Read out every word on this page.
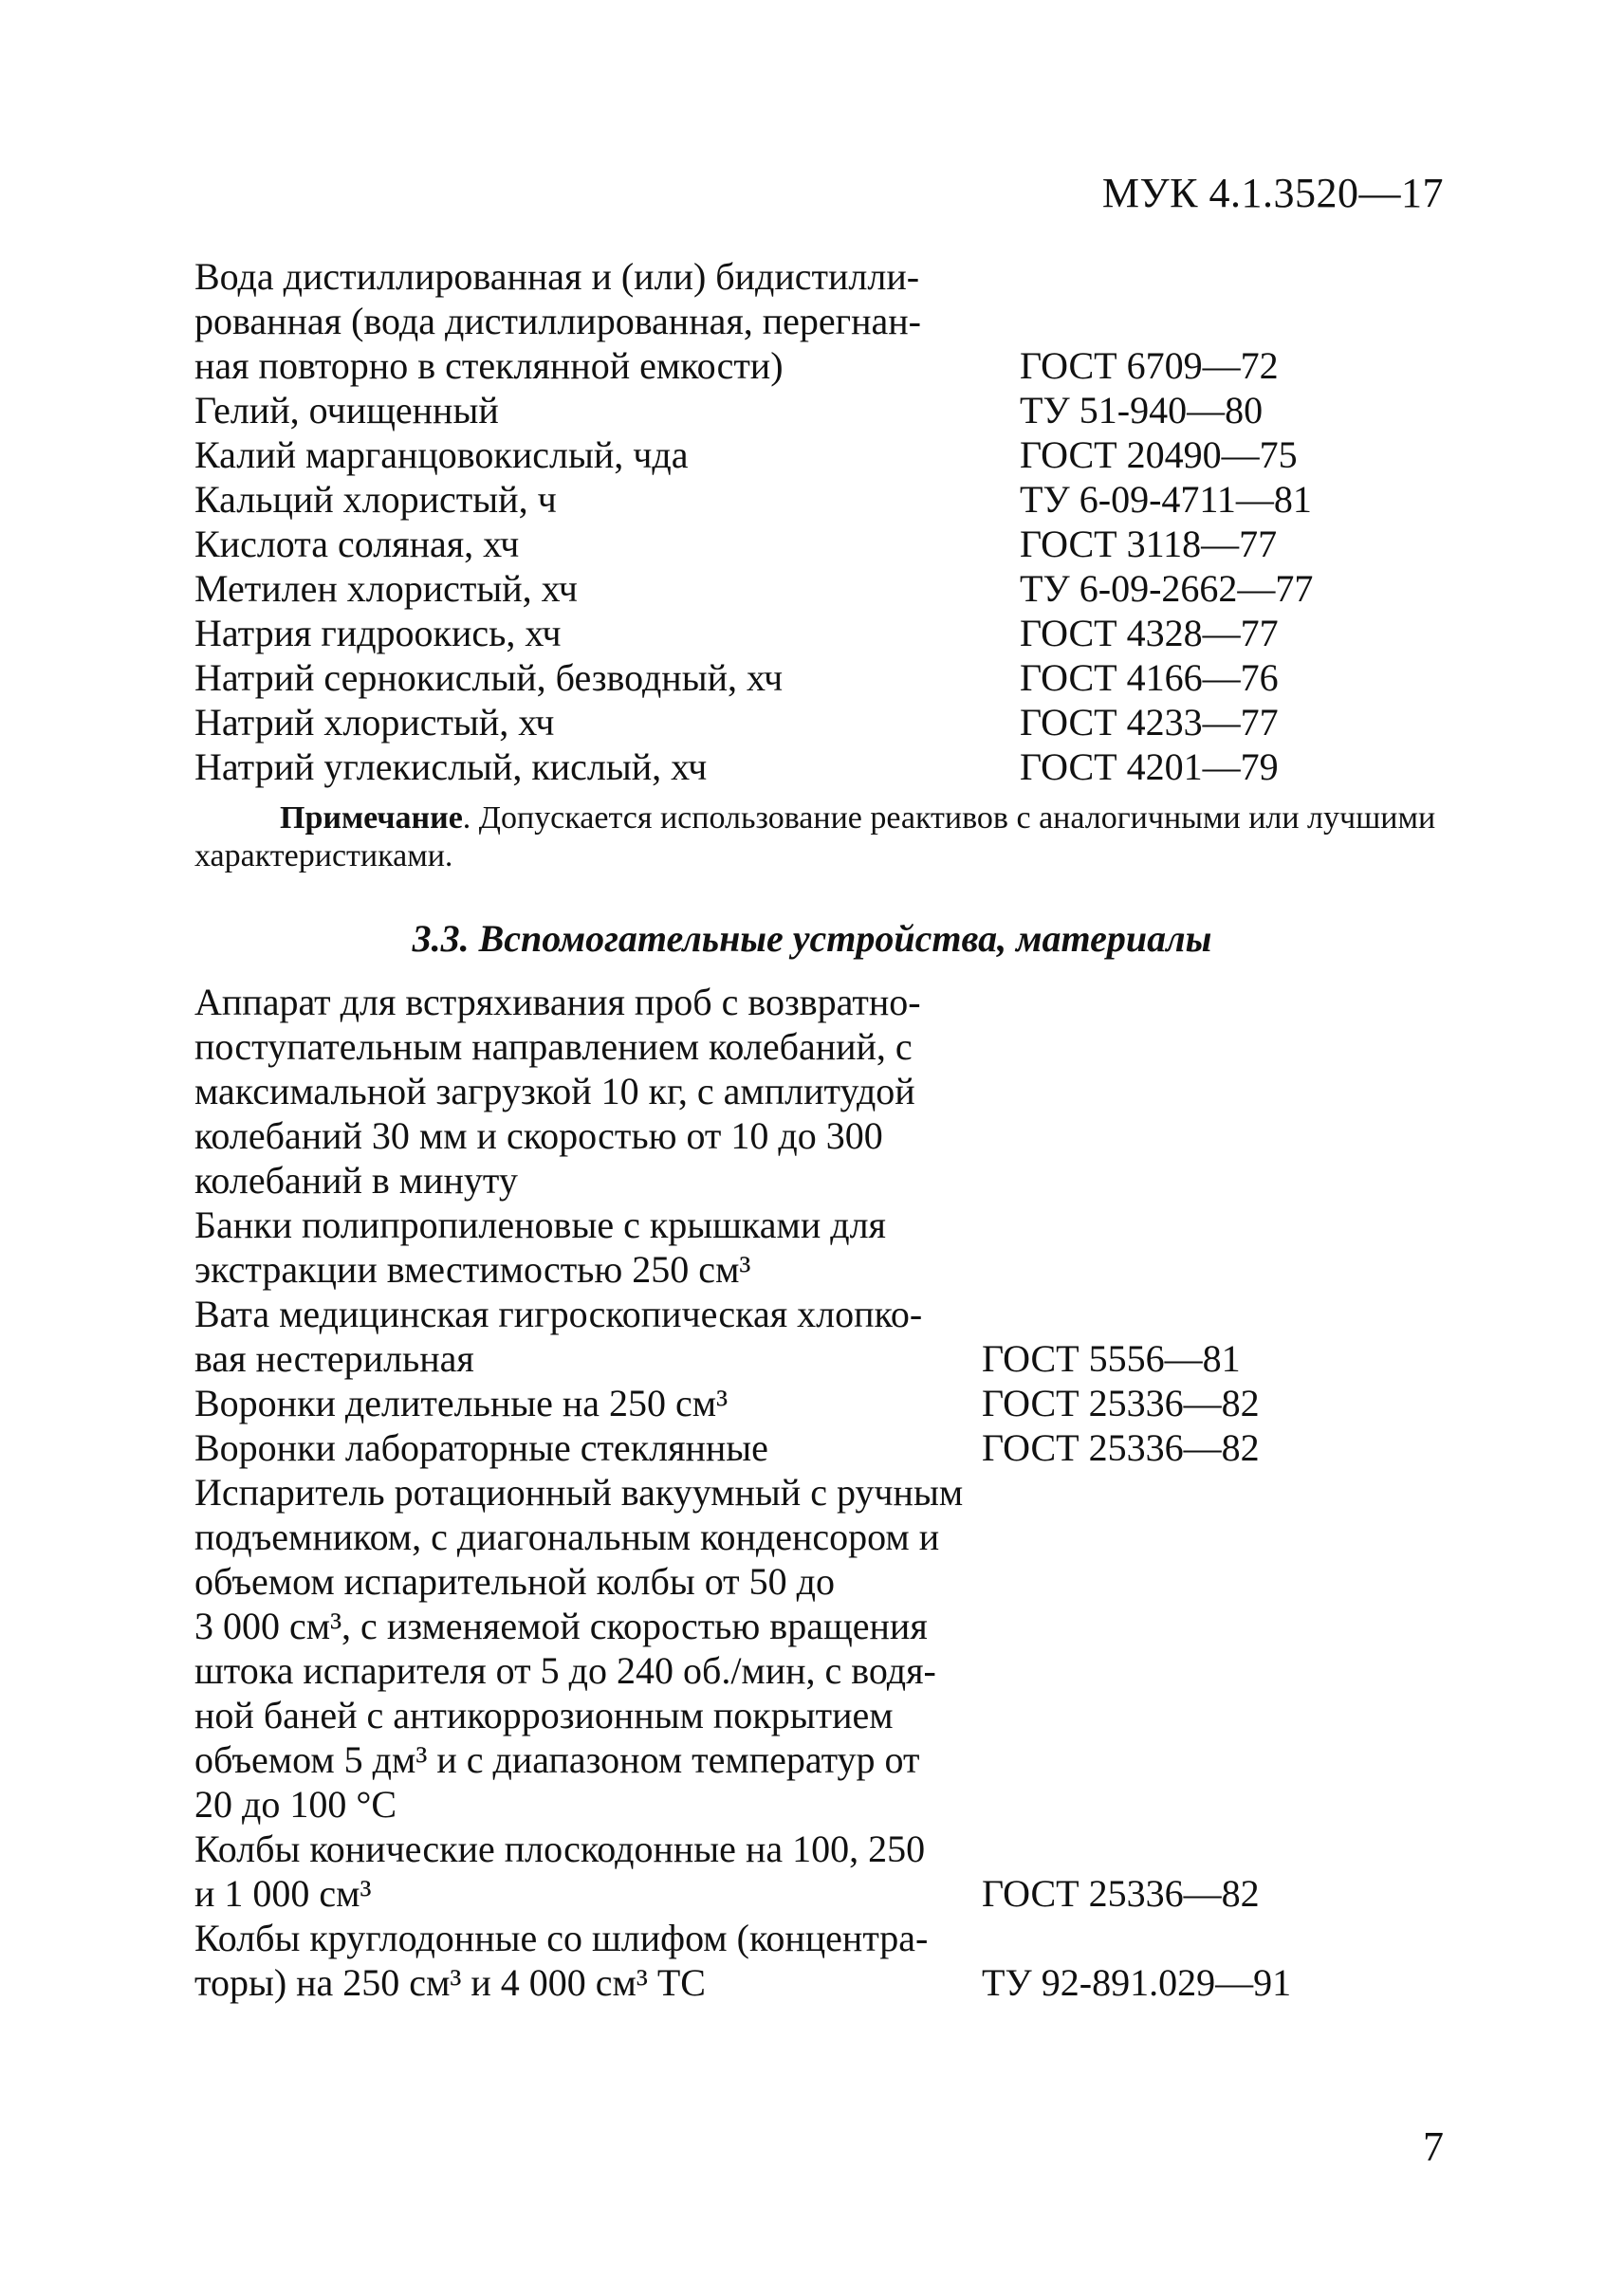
МУК 4.1.3520—17
Вода дистиллированная и (или) бидистилли-
рованная (вода дистиллированная, перегнан-
ная повторно в стеклянной емкости)	ГОСТ 6709—72
Гелий, очищенный	ТУ 51-940—80
Калий марганцовокислый, чда	ГОСТ 20490—75
Кальций хлористый, ч	ТУ 6-09-4711—81
Кислота соляная, хч	ГОСТ 3118—77
Метилен хлористый, хч	ТУ 6-09-2662—77
Натрия гидроокись, хч	ГОСТ 4328—77
Натрий сернокислый, безводный, хч	ГОСТ 4166—76
Натрий хлористый, хч	ГОСТ 4233—77
Натрий углекислый, кислый, хч	ГОСТ 4201—79
Примечание. Допускается использование реактивов с аналогичными или лучшими характеристиками.
3.3. Вспомогательные устройства, материалы
Аппарат для встряхивания проб с возвратно-
поступательным направлением колебаний, с
максимальной загрузкой 10 кг, с амплитудой
колебаний 30 мм и скоростью от 10 до 300
колебаний в минуту
Банки полипропиленовые с крышками для
экстракции вместимостью 250 см³
Вата медицинская гигроскопическая хлопко-
вая нестерильная	ГОСТ 5556—81
Воронки делительные на 250 см³	ГОСТ 25336—82
Воронки лабораторные стеклянные	ГОСТ 25336—82
Испаритель ротационный вакуумный с ручным
подъемником, с диагональным конденсором и
объемом испарительной колбы от 50 до
3 000 см³, с изменяемой скоростью вращения
штока испарителя от 5 до 240 об./мин, с водя-
ной баней с антикоррозионным покрытием
объемом 5 дм³ и с диапазоном температур от
20 до 100 °С
Колбы конические плоскодонные на 100, 250
и 1 000 см³	ГОСТ 25336—82
Колбы круглодонные со шлифом (концентра-
торы) на 250 см³ и 4 000 см³ ТС	ТУ 92-891.029—91
7
